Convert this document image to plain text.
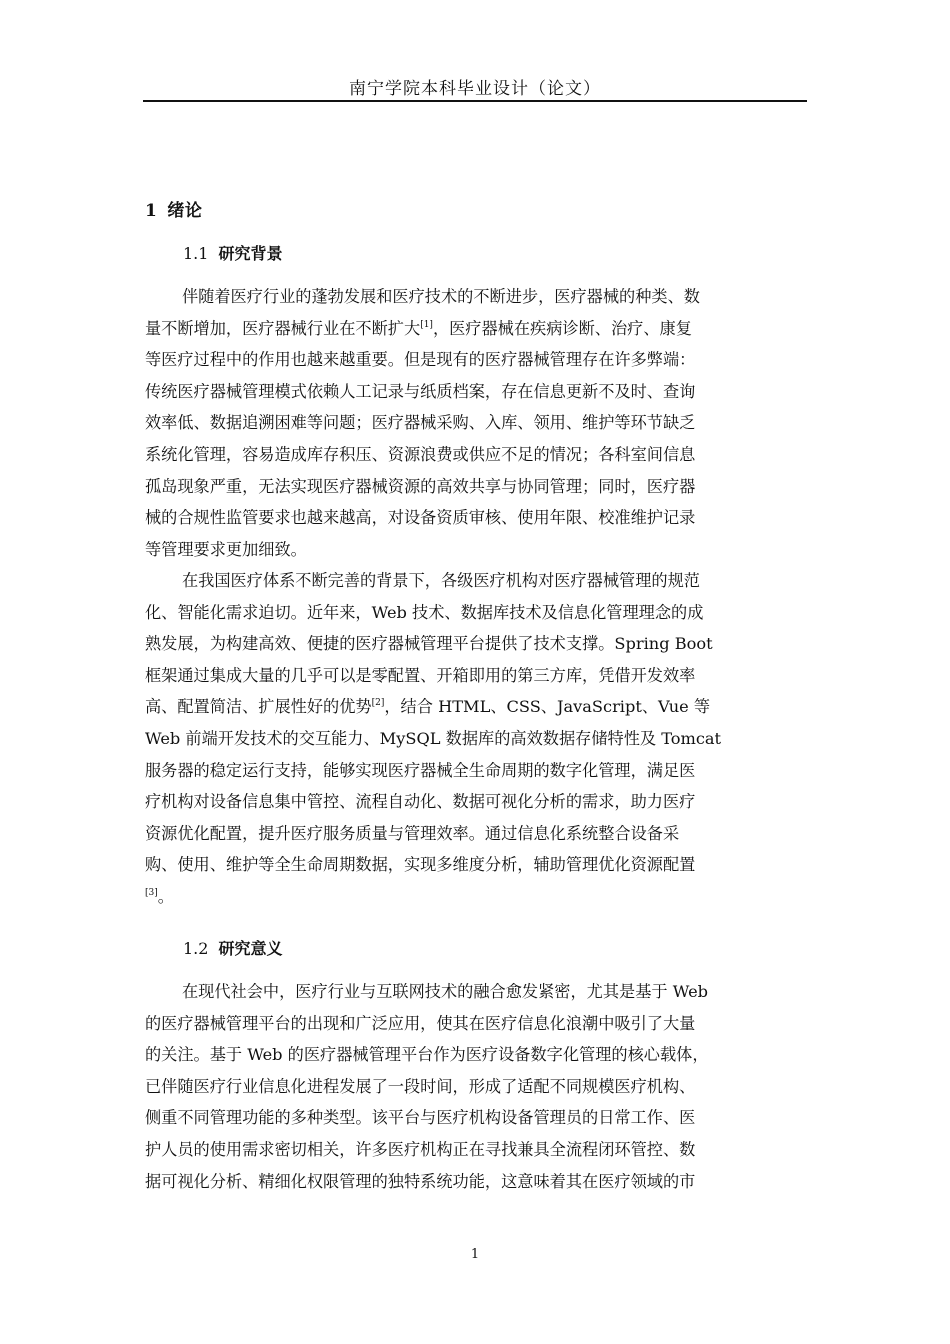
南宁学院本科毕业设计（论文）
1 绪论
1.1 研究背景
伴随着医疗行业的蓬勃发展和医疗技术的不断进步，医疗器械的种类、数
量不断增加，医疗器械行业在不断扩大[1]，医疗器械在疾病诊断、治疗、康复
等医疗过程中的作用也越来越重要。但是现有的医疗器械管理存在许多弊端：
传统医疗器械管理模式依赖人工记录与纸质档案，存在信息更新不及时、查询
效率低、数据追溯困难等问题；医疗器械采购、入库、领用、维护等环节缺乏
系统化管理，容易造成库存积压、资源浪费或供应不足的情况；各科室间信息
孤岛现象严重，无法实现医疗器械资源的高效共享与协同管理；同时，医疗器
械的合规性监管要求也越来越高，对设备资质审核、使用年限、校准维护记录
等管理要求更加细致。
在我国医疗体系不断完善的背景下，各级医疗机构对医疗器械管理的规范
化、智能化需求迫切。近年来，Web 技术、数据库技术及信息化管理理念的成
熟发展，为构建高效、便捷的医疗器械管理平台提供了技术支撑。Spring Boot
框架通过集成大量的几乎可以是零配置、开箱即用的第三方库，凭借开发效率
高、配置简洁、扩展性好的优势[2]，结合 HTML、CSS、JavaScript、Vue 等
Web 前端开发技术的交互能力、MySQL 数据库的高效数据存储特性及 Tomcat
服务器的稳定运行支持，能够实现医疗器械全生命周期的数字化管理，满足医
疗机构对设备信息集中管控、流程自动化、数据可视化分析的需求，助力医疗
资源优化配置，提升医疗服务质量与管理效率。通过信息化系统整合设备采
购、使用、维护等全生命周期数据，实现多维度分析，辅助管理优化资源配置
[3]。
1.2 研究意义
在现代社会中，医疗行业与互联网技术的融合愈发紧密，尤其是基于 Web
的医疗器械管理平台的出现和广泛应用，使其在医疗信息化浪潮中吸引了大量
的关注。基于 Web 的医疗器械管理平台作为医疗设备数字化管理的核心载体，
已伴随医疗行业信息化进程发展了一段时间，形成了适配不同规模医疗机构、
侧重不同管理功能的多种类型。该平台与医疗机构设备管理员的日常工作、医
护人员的使用需求密切相关，许多医疗机构正在寻找兼具全流程闭环管控、数
据可视化分析、精细化权限管理的独特系统功能，这意味着其在医疗领域的市
1
